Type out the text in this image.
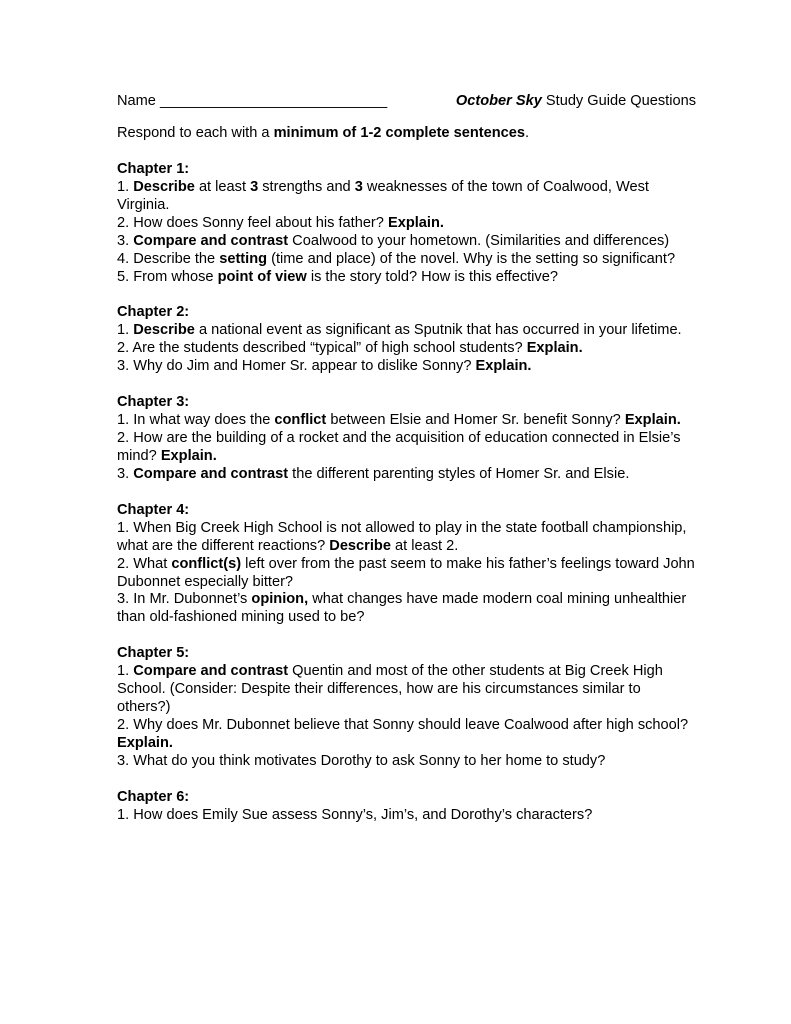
Name ____________________________	October Sky Study Guide Questions
Respond to each with a minimum of 1-2 complete sentences.
Chapter 1:
1. Describe at least 3 strengths and 3 weaknesses of the town of Coalwood, West Virginia.
2. How does Sonny feel about his father? Explain.
3. Compare and contrast Coalwood to your hometown. (Similarities and differences)
4. Describe the setting (time and place) of the novel. Why is the setting so significant?
5. From whose point of view is the story told? How is this effective?
Chapter 2:
1. Describe a national event as significant as Sputnik that has occurred in your lifetime.
2. Are the students described “typical” of high school students? Explain.
3. Why do Jim and Homer Sr. appear to dislike Sonny? Explain.
Chapter 3:
1. In what way does the conflict between Elsie and Homer Sr. benefit Sonny? Explain.
2. How are the building of a rocket and the acquisition of education connected in Elsie’s mind? Explain.
3. Compare and contrast the different parenting styles of Homer Sr. and Elsie.
Chapter 4:
1. When Big Creek High School is not allowed to play in the state football championship, what are the different reactions? Describe at least 2.
2. What conflict(s) left over from the past seem to make his father’s feelings toward John Dubonnet especially bitter?
3. In Mr. Dubonnet’s opinion, what changes have made modern coal mining unhealthier than old-fashioned mining used to be?
Chapter 5:
1. Compare and contrast Quentin and most of the other students at Big Creek High School. (Consider: Despite their differences, how are his circumstances similar to others?)
2. Why does Mr. Dubonnet believe that Sonny should leave Coalwood after high school? Explain.
3. What do you think motivates Dorothy to ask Sonny to her home to study?
Chapter 6:
1. How does Emily Sue assess Sonny’s, Jim’s, and Dorothy’s characters?
